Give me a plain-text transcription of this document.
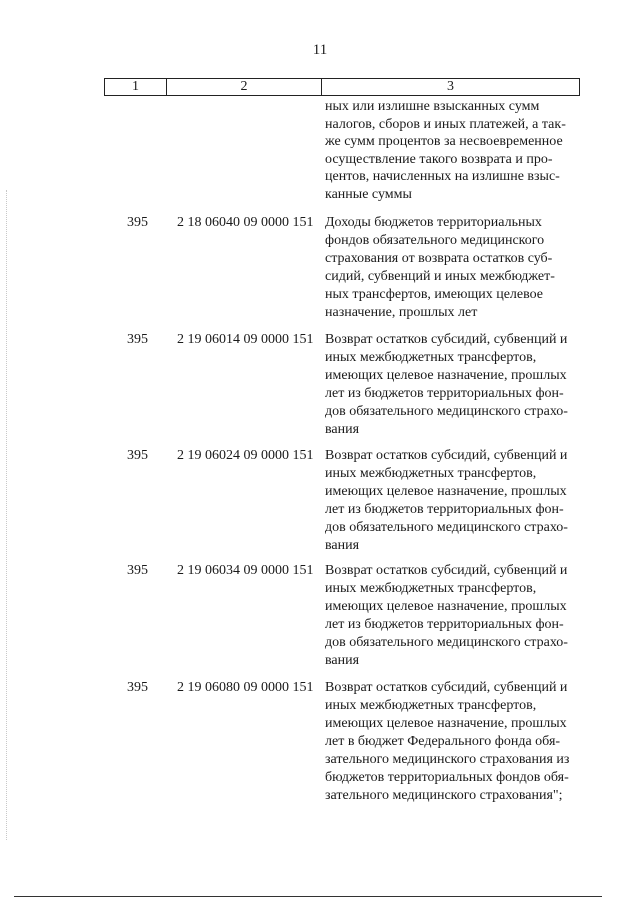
11
1	2	3
ных или излишне взысканных сумм
налогов, сборов и иных платежей, а так-
же сумм процентов за несвоевременное
осуществление такого возврата и про-
центов, начисленных на излишне взыс-
канные суммы
395 2 18 06040 09 0000 151 Доходы бюджетов территориальных
фондов обязательного медицинского
страхования от возврата остатков суб-
сидий, субвенций и иных межбюджет-
ных трансфертов, имеющих целевое
назначение, прошлых лет
395 2 19 06014 09 0000 151 Возврат остатков субсидий, субвенций и
иных межбюджетных трансфертов,
имеющих целевое назначение, прошлых
лет из бюджетов территориальных фон-
дов обязательного медицинского страхо-
вания
395 2 19 06024 09 0000 151 Возврат остатков субсидий, субвенций и
иных межбюджетных трансфертов,
имеющих целевое назначение, прошлых
лет из бюджетов территориальных фон-
дов обязательного медицинского страхо-
вания
395 2 19 06034 09 0000 151 Возврат остатков субсидий, субвенций и
иных межбюджетных трансфертов,
имеющих целевое назначение, прошлых
лет из бюджетов территориальных фон-
дов обязательного медицинского страхо-
вания
395 2 19 06080 09 0000 151 Возврат остатков субсидий, субвенций и
иных межбюджетных трансфертов,
имеющих целевое назначение, прошлых
лет в бюджет Федерального фонда обя-
зательного медицинского страхования из
бюджетов территориальных фондов обя-
зательного медицинского страхования";
